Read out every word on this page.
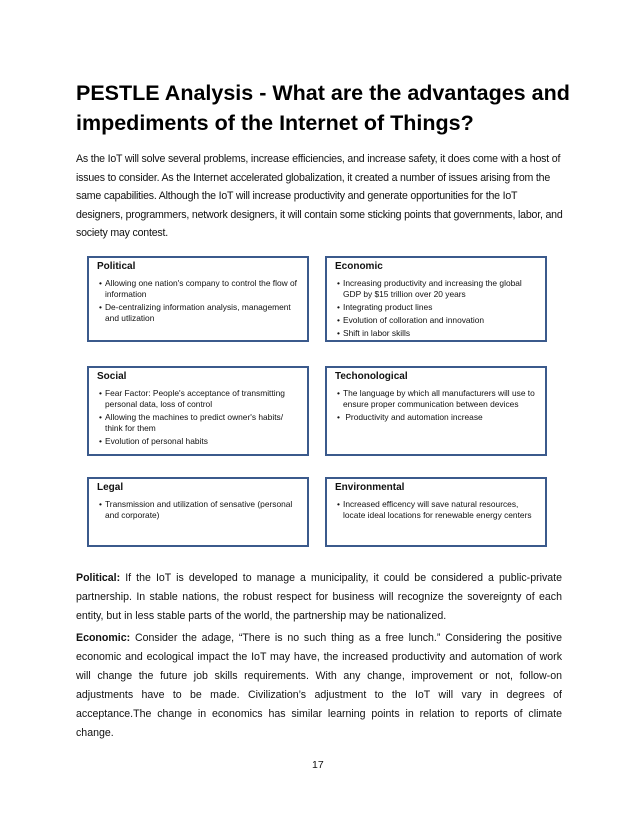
PESTLE Analysis - What are the advantages and impediments of the Internet of Things?
As the IoT will solve several problems, increase efficiencies, and increase safety, it does come with a host of issues to consider. As the Internet accelerated globalization, it created a number of issues arising from the same capabilities. Although the IoT will increase productivity and generate opportunities for the IoT designers, programmers, network designers, it will contain some sticking points that governments, labor, and society may contest.
Political
• Allowing one nation's company to control the flow of information
• De-centralizing information analysis, management and utlization
Economic
• Increasing productivity and increasing the global GDP by $15 trillion over 20 years
• Integrating product lines
• Evolution of colloration and innovation
• Shift in labor skills
Social
• Fear Factor: People's acceptance of transmitting personal data, loss of control
• Allowing the machines to predict owner's habits/ think for them
• Evolution of personal habits
Techonological
• The language by which all manufacturers will use to ensure proper communication between devices
• Productivity and automation increase
Legal
• Transmission and utilization of sensative (personal and corporate)
Environmental
• Increased efficency will save natural resources, locate ideal locations for renewable energy centers
Political: If the IoT is developed to manage a municipality, it could be considered a public-private partnership. In stable nations, the robust respect for business will recognize the sovereignty of each entity, but in less stable parts of the world, the partnership may be nationalized.
Economic: Consider the adage, “There is no such thing as a free lunch.” Considering the positive economic and ecological impact the IoT may have, the increased productivity and automation of work will change the future job skills requirements. With any change, improvement or not, follow-on adjustments have to be made. Civilization’s adjustment to the IoT will vary in degrees of acceptance.The change in economics has similar learning points in relation to reports of climate change.
17
